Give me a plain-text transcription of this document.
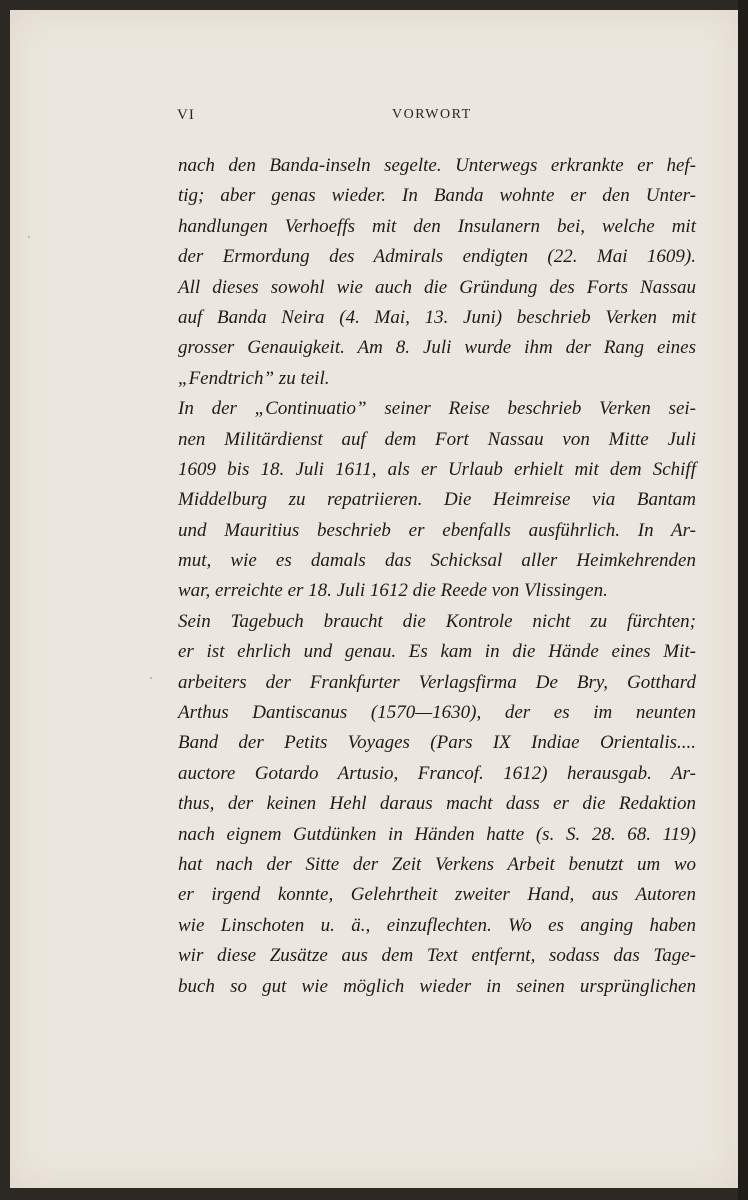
VI	VORWORT
nach den Banda-inseln segelte. Unterwegs erkrankte er hef-
tig; aber genas wieder. In Banda wohnte er den Unter-
handlungen Verhoeffs mit den Insulanern bei, welche mit
der Ermordung des Admirals endigten (22. Mai 1609).
All dieses sowohl wie auch die Gründung des Forts Nassau
auf Banda Neira (4. Mai, 13. Juni) beschrieb Verken mit
grosser Genauigkeit. Am 8. Juli wurde ihm der Rang eines
„Fendtrich” zu teil.
In der „Continuatio” seiner Reise beschrieb Verken sei-
nen Militärdienst auf dem Fort Nassau von Mitte Juli
1609 bis 18. Juli 1611, als er Urlaub erhielt mit dem Schiff
Middelburg zu repatriieren. Die Heimreise via Bantam
und Mauritius beschrieb er ebenfalls ausführlich. In Ar-
mut, wie es damals das Schicksal aller Heimkehrenden
war, erreichte er 18. Juli 1612 die Reede von Vlissingen.
Sein Tagebuch braucht die Kontrole nicht zu fürchten;
er ist ehrlich und genau. Es kam in die Hände eines Mit-
arbeiters der Frankfurter Verlagsfirma De Bry, Gotthard
Arthus Dantiscanus (1570—1630), der es im neunten
Band der Petits Voyages (Pars IX Indiae Orientalis....
auctore Gotardo Artusio, Francof. 1612) herausgab. Ar-
thus, der keinen Hehl daraus macht dass er die Redaktion
nach eignem Gutdünken in Händen hatte (s. S. 28. 68. 119)
hat nach der Sitte der Zeit Verkens Arbeit benutzt um wo
er irgend konnte, Gelehrtheit zweiter Hand, aus Autoren
wie Linschoten u. ä., einzuflechten. Wo es anging haben
wir diese Zusätze aus dem Text entfernt, sodass das Tage-
buch so gut wie möglich wieder in seinen ursprünglichen
